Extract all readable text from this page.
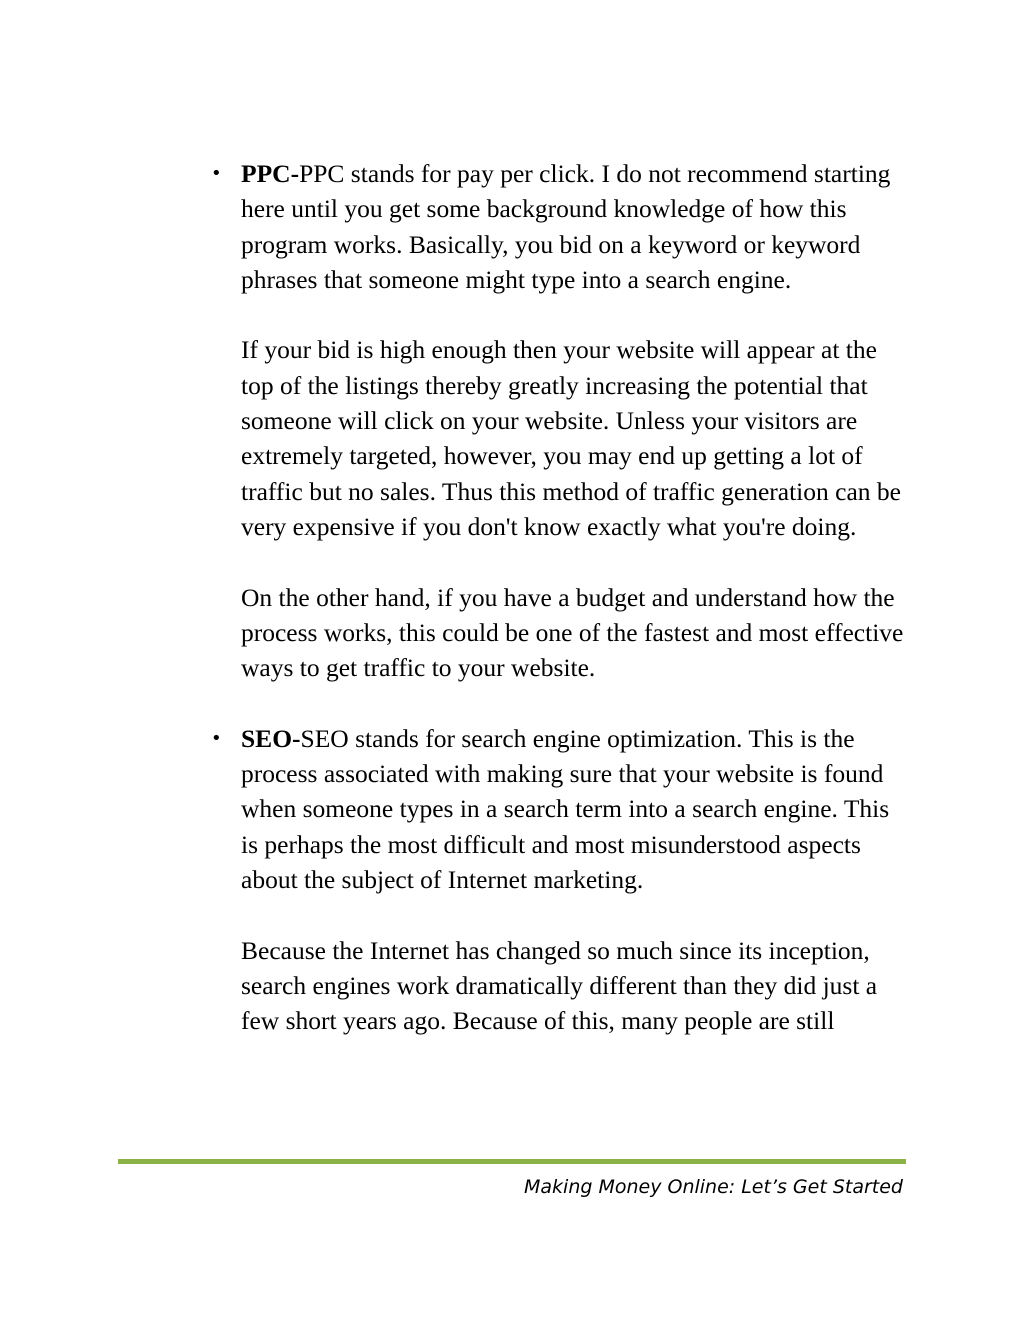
• PPC-PPC stands for pay per click. I do not recommend starting here until you get some background knowledge of how this program works. Basically, you bid on a keyword or keyword phrases that someone might type into a search engine.

If your bid is high enough then your website will appear at the top of the listings thereby greatly increasing the potential that someone will click on your website. Unless your visitors are extremely targeted, however, you may end up getting a lot of traffic but no sales. Thus this method of traffic generation can be very expensive if you don't know exactly what you're doing.

On the other hand, if you have a budget and understand how the process works, this could be one of the fastest and most effective ways to get traffic to your website.

• SEO-SEO stands for search engine optimization. This is the process associated with making sure that your website is found when someone types in a search term into a search engine. This is perhaps the most difficult and most misunderstood aspects about the subject of Internet marketing.

Because the Internet has changed so much since its inception, search engines work dramatically different than they did just a few short years ago. Because of this, many people are still

Making Money Online: Let’s Get Started
